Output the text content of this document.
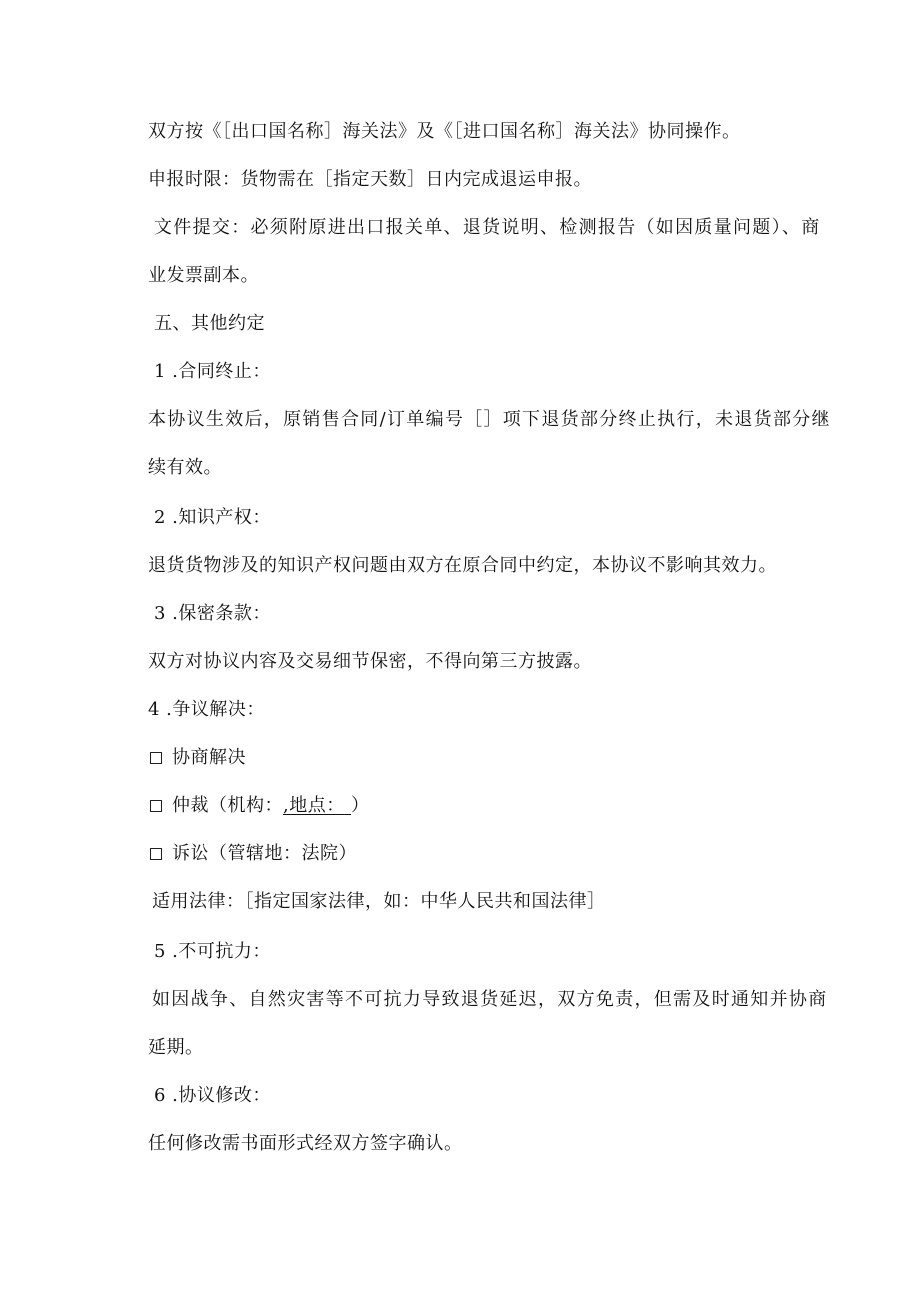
双方按《［出口国名称］海关法》及《［进口国名称］海关法》协同操作。
申报时限：货物需在［指定天数］日内完成退运申报。
文件提交：必须附原进出口报关单、退货说明、检测报告（如因质量问题）、商
业发票副本。
五、其他约定
1 .合同终止：
本协议生效后，原销售合同/订单编号［］项下退货部分终止执行，未退货部分继
续有效。
2 .知识产权：
退货货物涉及的知识产权问题由双方在原合同中约定，本协议不影响其效力。
3 .保密条款：
双方对协议内容及交易细节保密，不得向第三方披露。
4 .争议解决：
协商解决
仲裁（机构：,地点： ）
诉讼（管辖地：法院）
适用法律：［指定国家法律，如：中华人民共和国法律］
5 .不可抗力：
如因战争、自然灾害等不可抗力导致退货延迟，双方免责，但需及时通知并协商
延期。
6 .协议修改：
任何修改需书面形式经双方签字确认。
